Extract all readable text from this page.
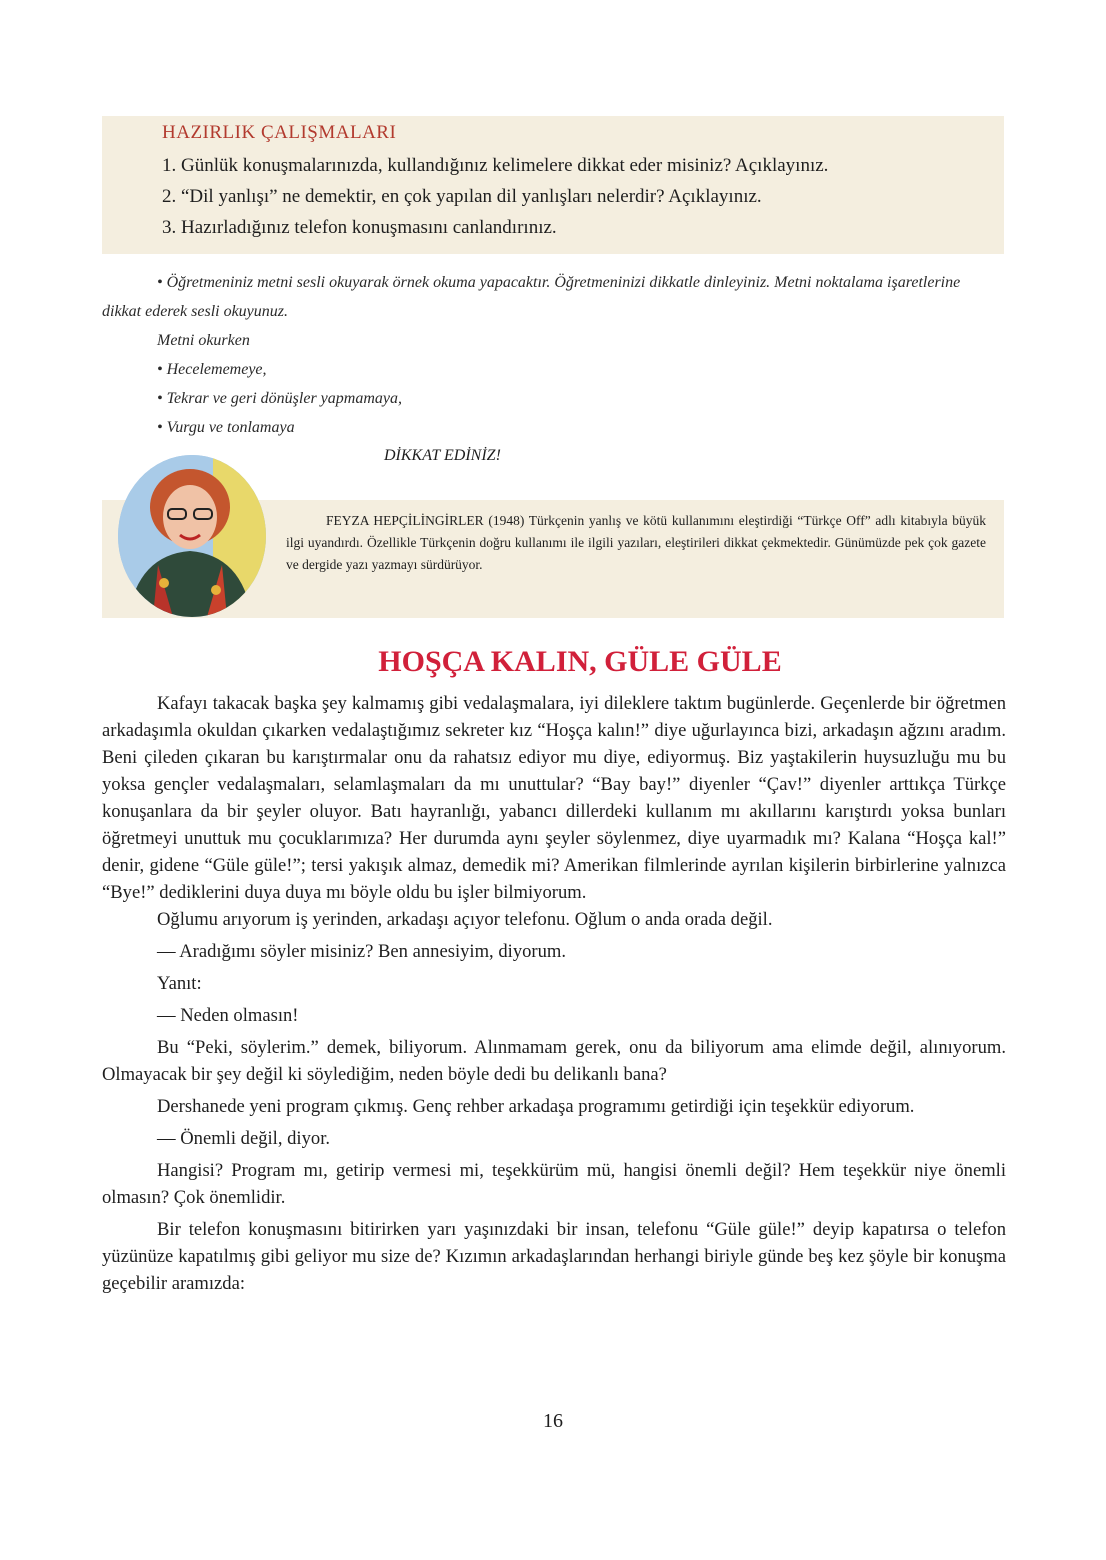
HAZIRLIK ÇALIŞMALARI
1. Günlük konuşmalarınızda, kullandığınız kelimelere dikkat eder misiniz? Açıklayınız.
2. “Dil yanlışı” ne demektir, en çok yapılan dil yanlışları nelerdir? Açıklayınız.
3. Hazırladığınız telefon konuşmasını canlandırınız.

• Öğretmeniniz metni sesli okuyarak örnek okuma yapacaktır. Öğretmeninizi dikkatle dinleyiniz. Metni noktalama işaretlerine dikkat ederek sesli okuyunuz.

Metni okurken

• Hecelememeye,

• Tekrar ve geri dönüşler yapmamaya,

• Vurgu ve tonlamaya

DİKKAT EDİNİZ!
FEYZA HEPÇİLİNGİRLER (1948) Türkçenin yanlış ve kötü kullanımını eleştirdiği “Türkçe Off” adlı kitabıyla büyük ilgi uyandırdı. Özellikle Türkçenin doğru kullanımı ile ilgili yazıları, eleştirileri dikkat çekmektedir. Günümüzde pek çok gazete ve dergide yazı yazmayı sürdürüyor.
HOŞÇA KALIN, GÜLE GÜLE

Kafayı takacak başka şey kalmamış gibi vedalaşmalara, iyi dileklere taktım bugünlerde. Geçenlerde bir öğretmen arkadaşımla okuldan çıkarken vedalaştığımız sekreter kız “Hoşça kalın!” diye uğurlayınca bizi, arkadaşın ağzını aradım. Beni çileden çıkaran bu karıştırmalar onu da rahatsız ediyor mu diye, ediyormuş. Biz yaştakilerin huysuzluğu mu bu yoksa gençler vedalaşmaları, selamlaşmaları da mı unuttular? “Bay bay!” diyenler “Çav!” diyenler arttıkça Türkçe konuşanlara da bir şeyler oluyor. Batı hayranlığı, yabancı dillerdeki kullanım mı akıllarını karıştırdı yoksa bunları öğretmeyi unuttuk mu çocuklarımıza? Her durumda aynı şeyler söylenmez, diye uyarmadık mı? Kalana “Hoşça kal!” denir, gidene “Güle güle!”; tersi yakışık almaz, demedik mi? Amerikan filmlerinde ayrılan kişilerin birbirlerine yalnızca “Bye!” dediklerini duya duya mı böyle oldu bu işler bilmiyorum.

Oğlumu arıyorum iş yerinden, arkadaşı açıyor telefonu. Oğlum o anda orada değil.

— Aradığımı söyler misiniz? Ben annesiyim, diyorum.

Yanıt:

— Neden olmasın!

Bu “Peki, söylerim.” demek, biliyorum. Alınmamam gerek, onu da biliyorum ama elimde değil, alınıyorum. Olmayacak bir şey değil ki söylediğim, neden böyle dedi bu delikanlı bana?

Dershanede yeni program çıkmış. Genç rehber arkadaşa programımı getirdiği için teşekkür ediyorum.

— Önemli değil, diyor.

Hangisi? Program mı, getirip vermesi mi, teşekkürüm mü, hangisi önemli değil? Hem teşekkür niye önemli olmasın? Çok önemlidir.

Bir telefon konuşmasını bitirirken yarı yaşınızdaki bir insan, telefonu “Güle güle!” deyip kapatırsa o telefon yüzünüze kapatılmış gibi geliyor mu size de? Kızımın arkadaşlarından herhangi biriyle günde beş kez şöyle bir konuşma geçebilir aramızda:

16
